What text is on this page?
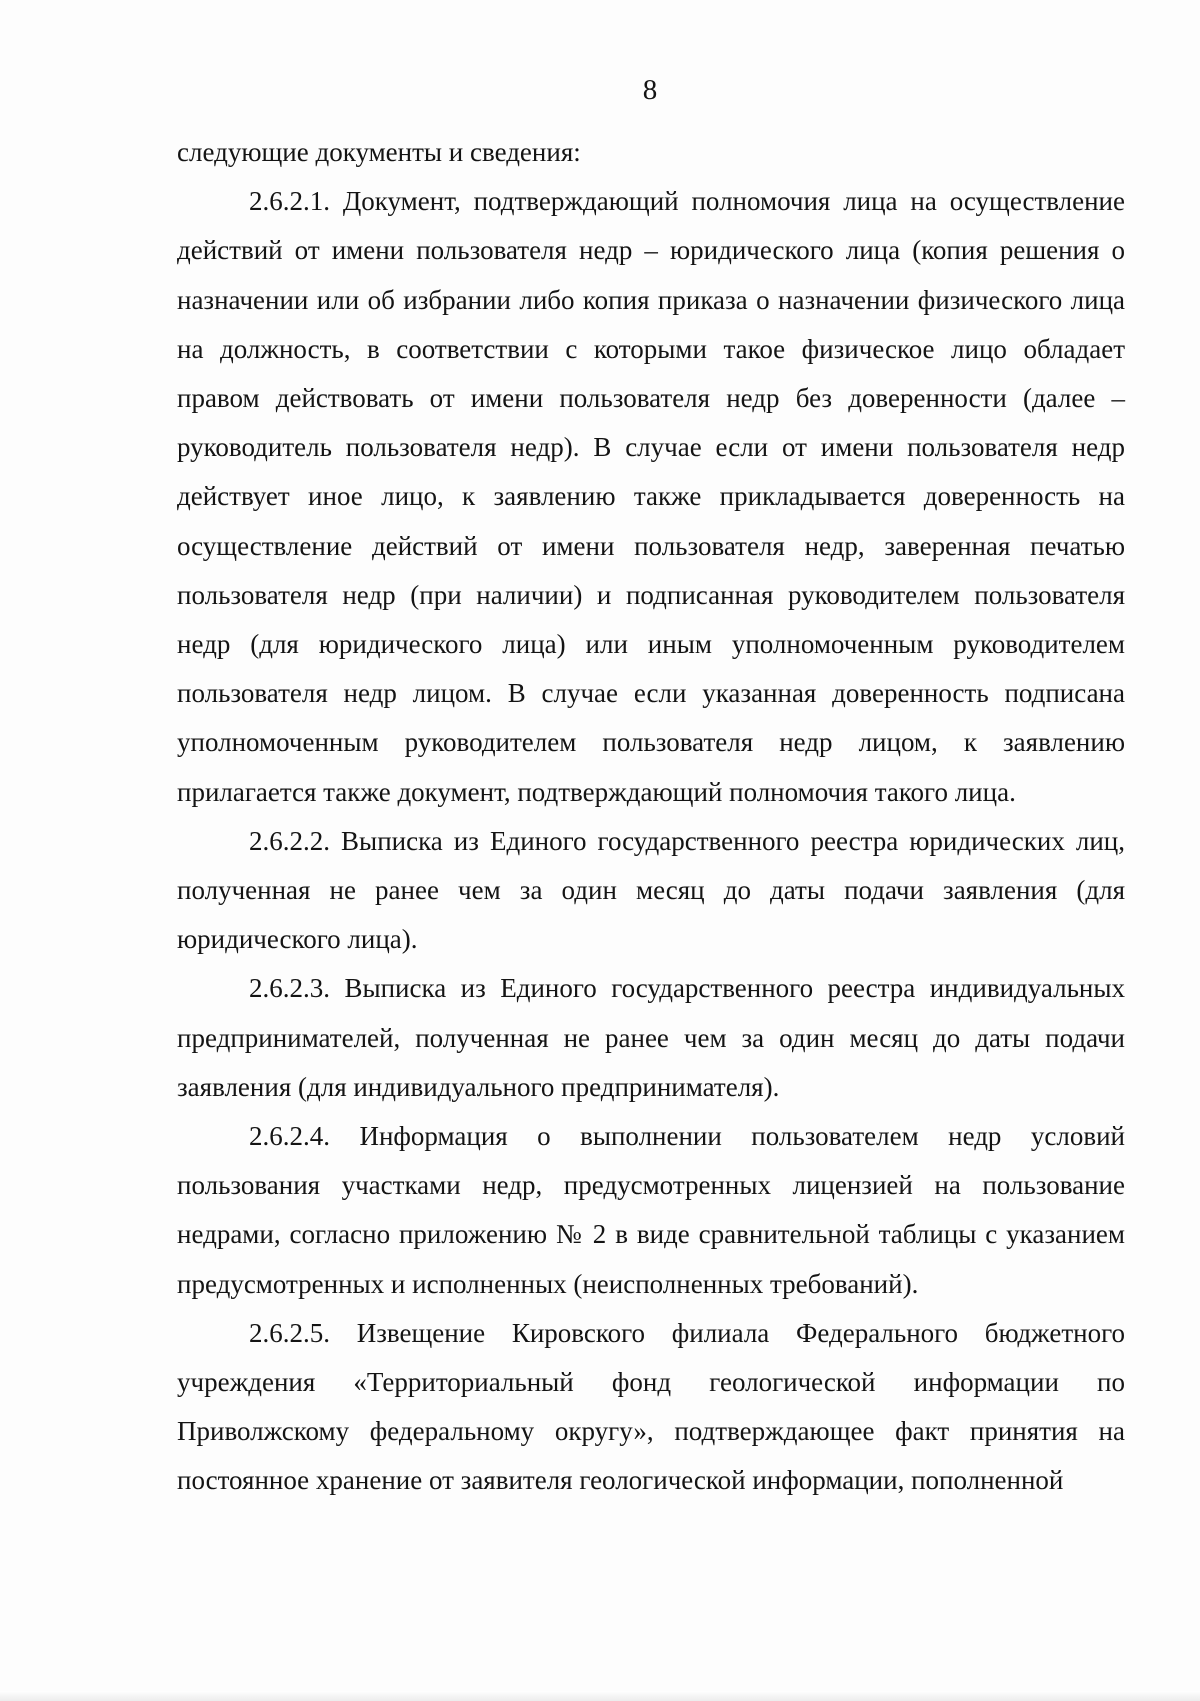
8

следующие документы и сведения:

2.6.2.1. Документ, подтверждающий полномочия лица на осуществление действий от имени пользователя недр – юридического лица (копия решения о назначении или об избрании либо копия приказа о назначении физического лица на должность, в соответствии с которыми такое физическое лицо обладает правом действовать от имени пользователя недр без доверенности (далее – руководитель пользователя недр). В случае если от имени пользователя недр действует иное лицо, к заявлению также прикладывается доверенность на осуществление действий от имени пользователя недр, заверенная печатью пользователя недр (при наличии) и подписанная руководителем пользователя недр (для юридического лица) или иным уполномоченным руководителем пользователя недр лицом. В случае если указанная доверенность подписана уполномоченным руководителем пользователя недр лицом, к заявлению прилагается также документ, подтверждающий полномочия такого лица.

2.6.2.2. Выписка из Единого государственного реестра юридических лиц, полученная не ранее чем за один месяц до даты подачи заявления (для юридического лица).

2.6.2.3. Выписка из Единого государственного реестра индивидуальных предпринимателей, полученная не ранее чем за один месяц до даты подачи заявления (для индивидуального предпринимателя).

2.6.2.4. Информация о выполнении пользователем недр условий пользования участками недр, предусмотренных лицензией на пользование недрами, согласно приложению № 2 в виде сравнительной таблицы с указанием предусмотренных и исполненных (неисполненных требований).

2.6.2.5. Извещение Кировского филиала Федерального бюджетного учреждения «Территориальный фонд геологической информации по Приволжскому федеральному округу», подтверждающее факт принятия на постоянное хранение от заявителя геологической информации, пополненной
